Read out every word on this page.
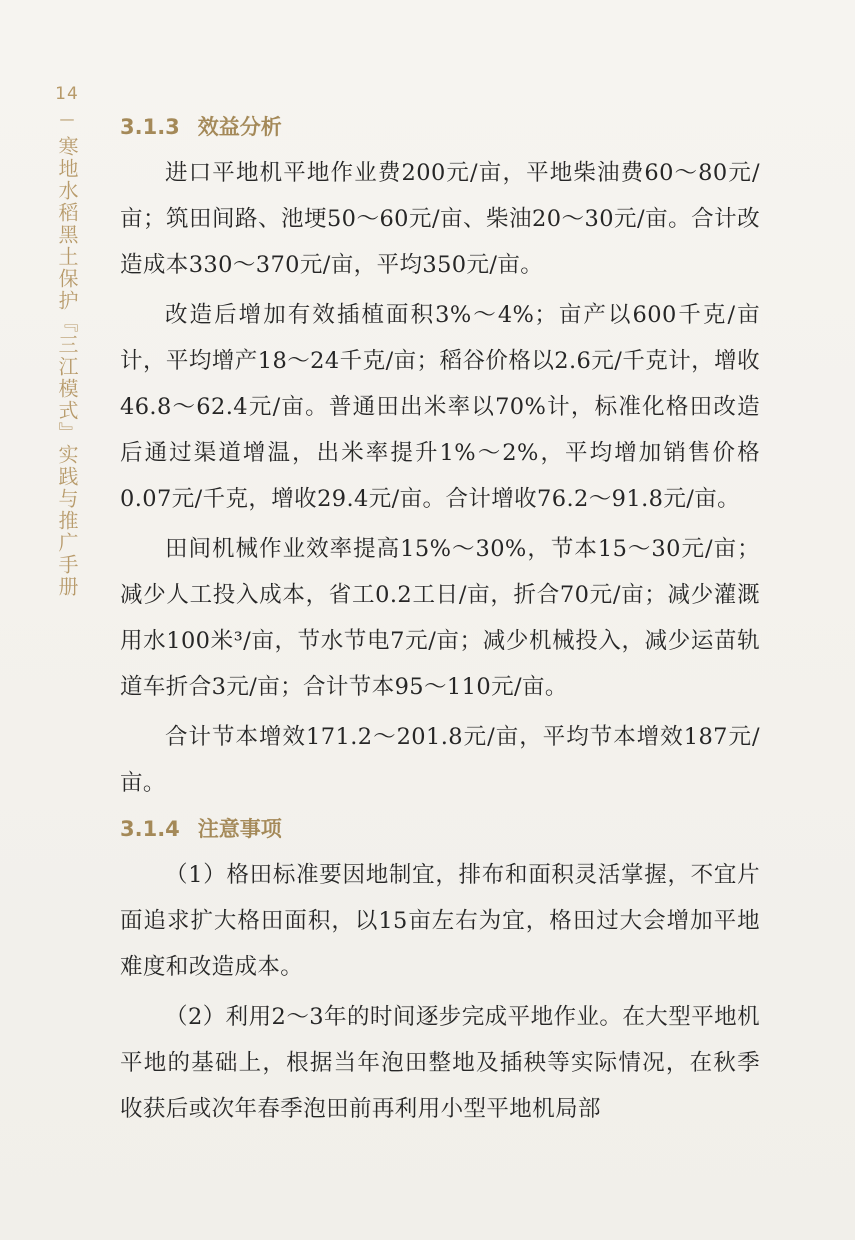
14
—
寒地水稻黑土保护『三江模式』实践与推广手册
3.1.3 效益分析

进口平地机平地作业费200元/亩，平地柴油费60～80元/亩；筑田间路、池埂50～60元/亩、柴油20～30元/亩。合计改造成本330～370元/亩，平均350元/亩。

改造后增加有效插植面积3%～4%；亩产以600千克/亩计，平均增产18～24千克/亩；稻谷价格以2.6元/千克计，增收46.8～62.4元/亩。普通田出米率以70%计，标准化格田改造后通过渠道增温，出米率提升1%～2%，平均增加销售价格0.07元/千克，增收29.4元/亩。合计增收76.2～91.8元/亩。

田间机械作业效率提高15%～30%，节本15～30元/亩；减少人工投入成本，省工0.2工日/亩，折合70元/亩；减少灌溉用水100米³/亩，节水节电7元/亩；减少机械投入，减少运苗轨道车折合3元/亩；合计节本95～110元/亩。

合计节本增效171.2～201.8元/亩，平均节本增效187元/亩。

3.1.4 注意事项

（1）格田标准要因地制宜，排布和面积灵活掌握，不宜片面追求扩大格田面积，以15亩左右为宜，格田过大会增加平地难度和改造成本。

（2）利用2～3年的时间逐步完成平地作业。在大型平地机平地的基础上，根据当年泡田整地及插秧等实际情况，在秋季收获后或次年春季泡田前再利用小型平地机局部
